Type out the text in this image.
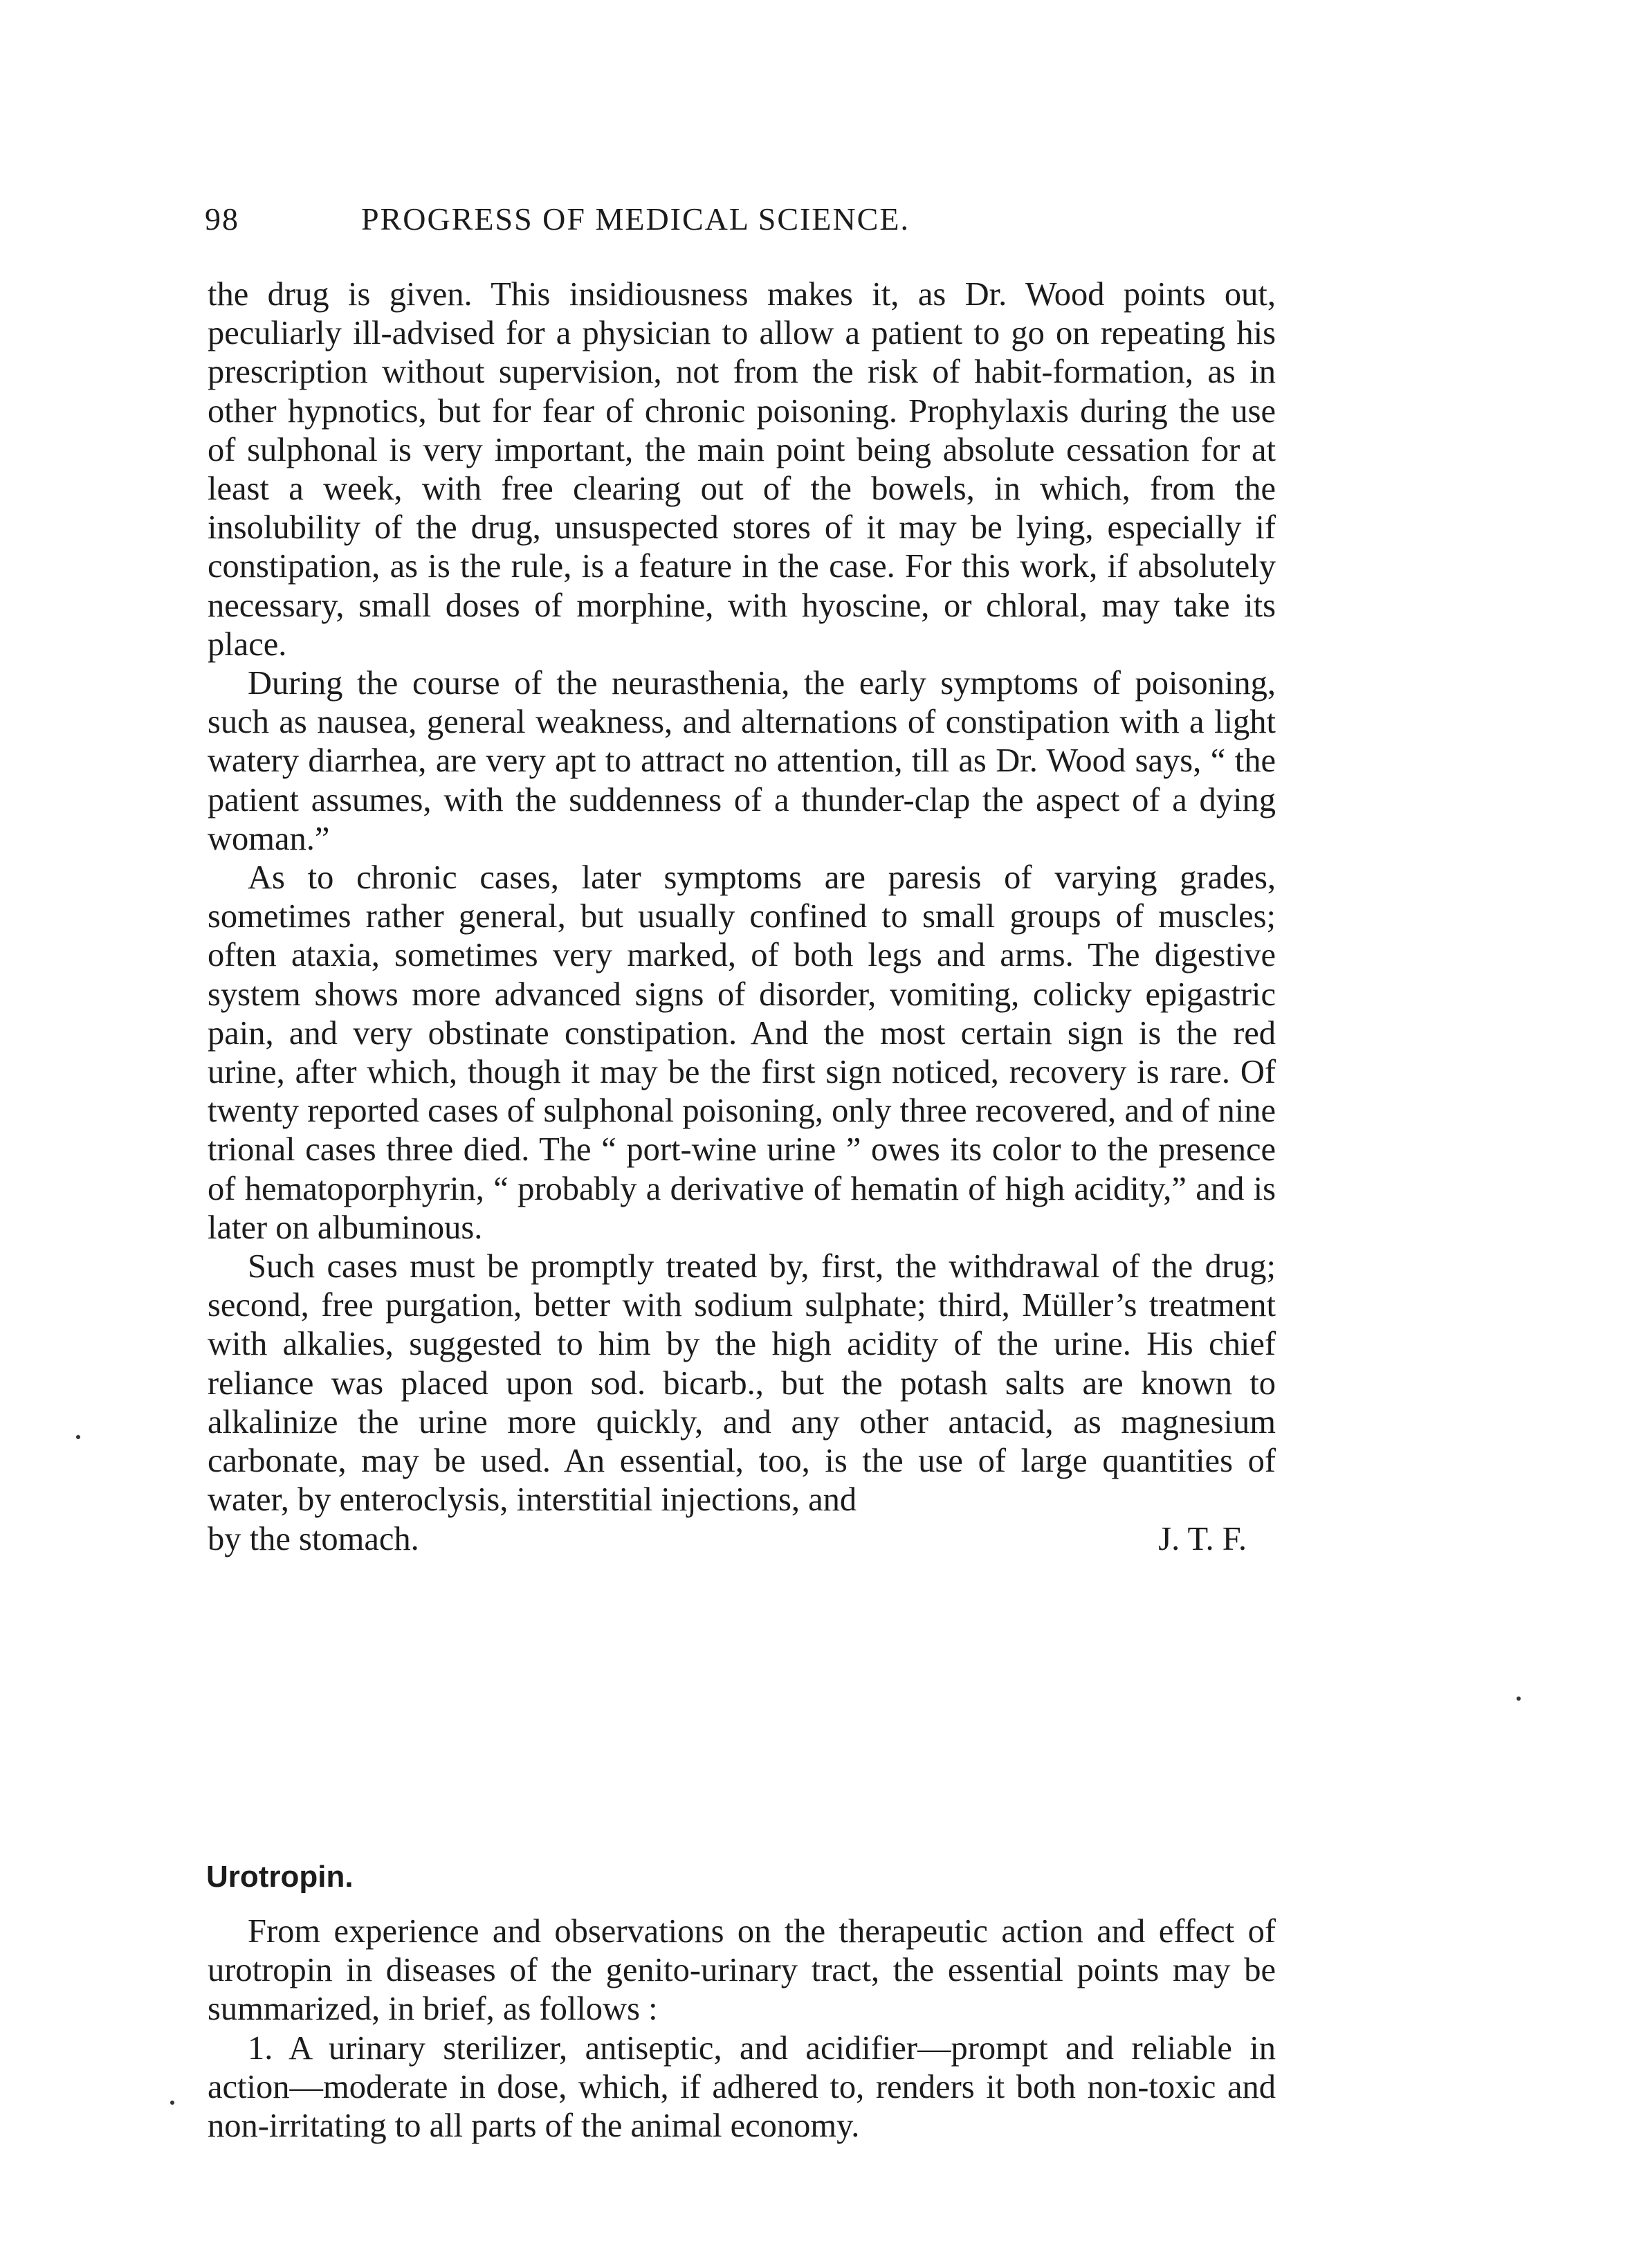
98	PROGRESS OF MEDICAL SCIENCE.

the drug is given. This insidiousness makes it, as Dr. Wood points out, peculiarly ill-advised for a physician to allow a patient to go on repeating his prescription without supervision, not from the risk of habit-formation, as in other hypnotics, but for fear of chronic poisoning. Prophylaxis during the use of sulphonal is very important, the main point being absolute cessation for at least a week, with free clearing out of the bowels, in which, from the insolubility of the drug, unsuspected stores of it may be lying, especially if constipation, as is the rule, is a feature in the case. For this work, if absolutely necessary, small doses of morphine, with hyoscine, or chloral, may take its place.

During the course of the neurasthenia, the early symptoms of poisoning, such as nausea, general weakness, and alternations of constipation with a light watery diarrhea, are very apt to attract no attention, till as Dr. Wood says, “ the patient assumes, with the suddenness of a thunder-clap the aspect of a dying woman.”

As to chronic cases, later symptoms are paresis of varying grades, sometimes rather general, but usually confined to small groups of muscles; often ataxia, sometimes very marked, of both legs and arms. The digestive system shows more advanced signs of disorder, vomiting, colicky epigastric pain, and very obstinate constipation. And the most certain sign is the red urine, after which, though it may be the first sign noticed, recovery is rare. Of twenty reported cases of sulphonal poisoning, only three recovered, and of nine trional cases three died. The “ port-wine urine ” owes its color to the presence of hematoporphyrin, “ probably a derivative of hematin of high acidity,” and is later on albuminous.

Such cases must be promptly treated by, first, the withdrawal of the drug; second, free purgation, better with sodium sulphate; third, Müller’s treatment with alkalies, suggested to him by the high acidity of the urine. His chief reliance was placed upon sod. bicarb., but the potash salts are known to alkalinize the urine more quickly, and any other antacid, as magnesium carbonate, may be used. An essential, too, is the use of large quantities of water, by enteroclysis, interstitial injections, and

by the stomach.	J. T. F.

Urotropin.

From experience and observations on the therapeutic action and effect of urotropin in diseases of the genito-urinary tract, the essential points may be summarized, in brief, as follows :

1. A urinary sterilizer, antiseptic, and acidifier—prompt and reliable in action—moderate in dose, which, if adhered to, renders it both non-toxic and non-irritating to all parts of the animal economy.
